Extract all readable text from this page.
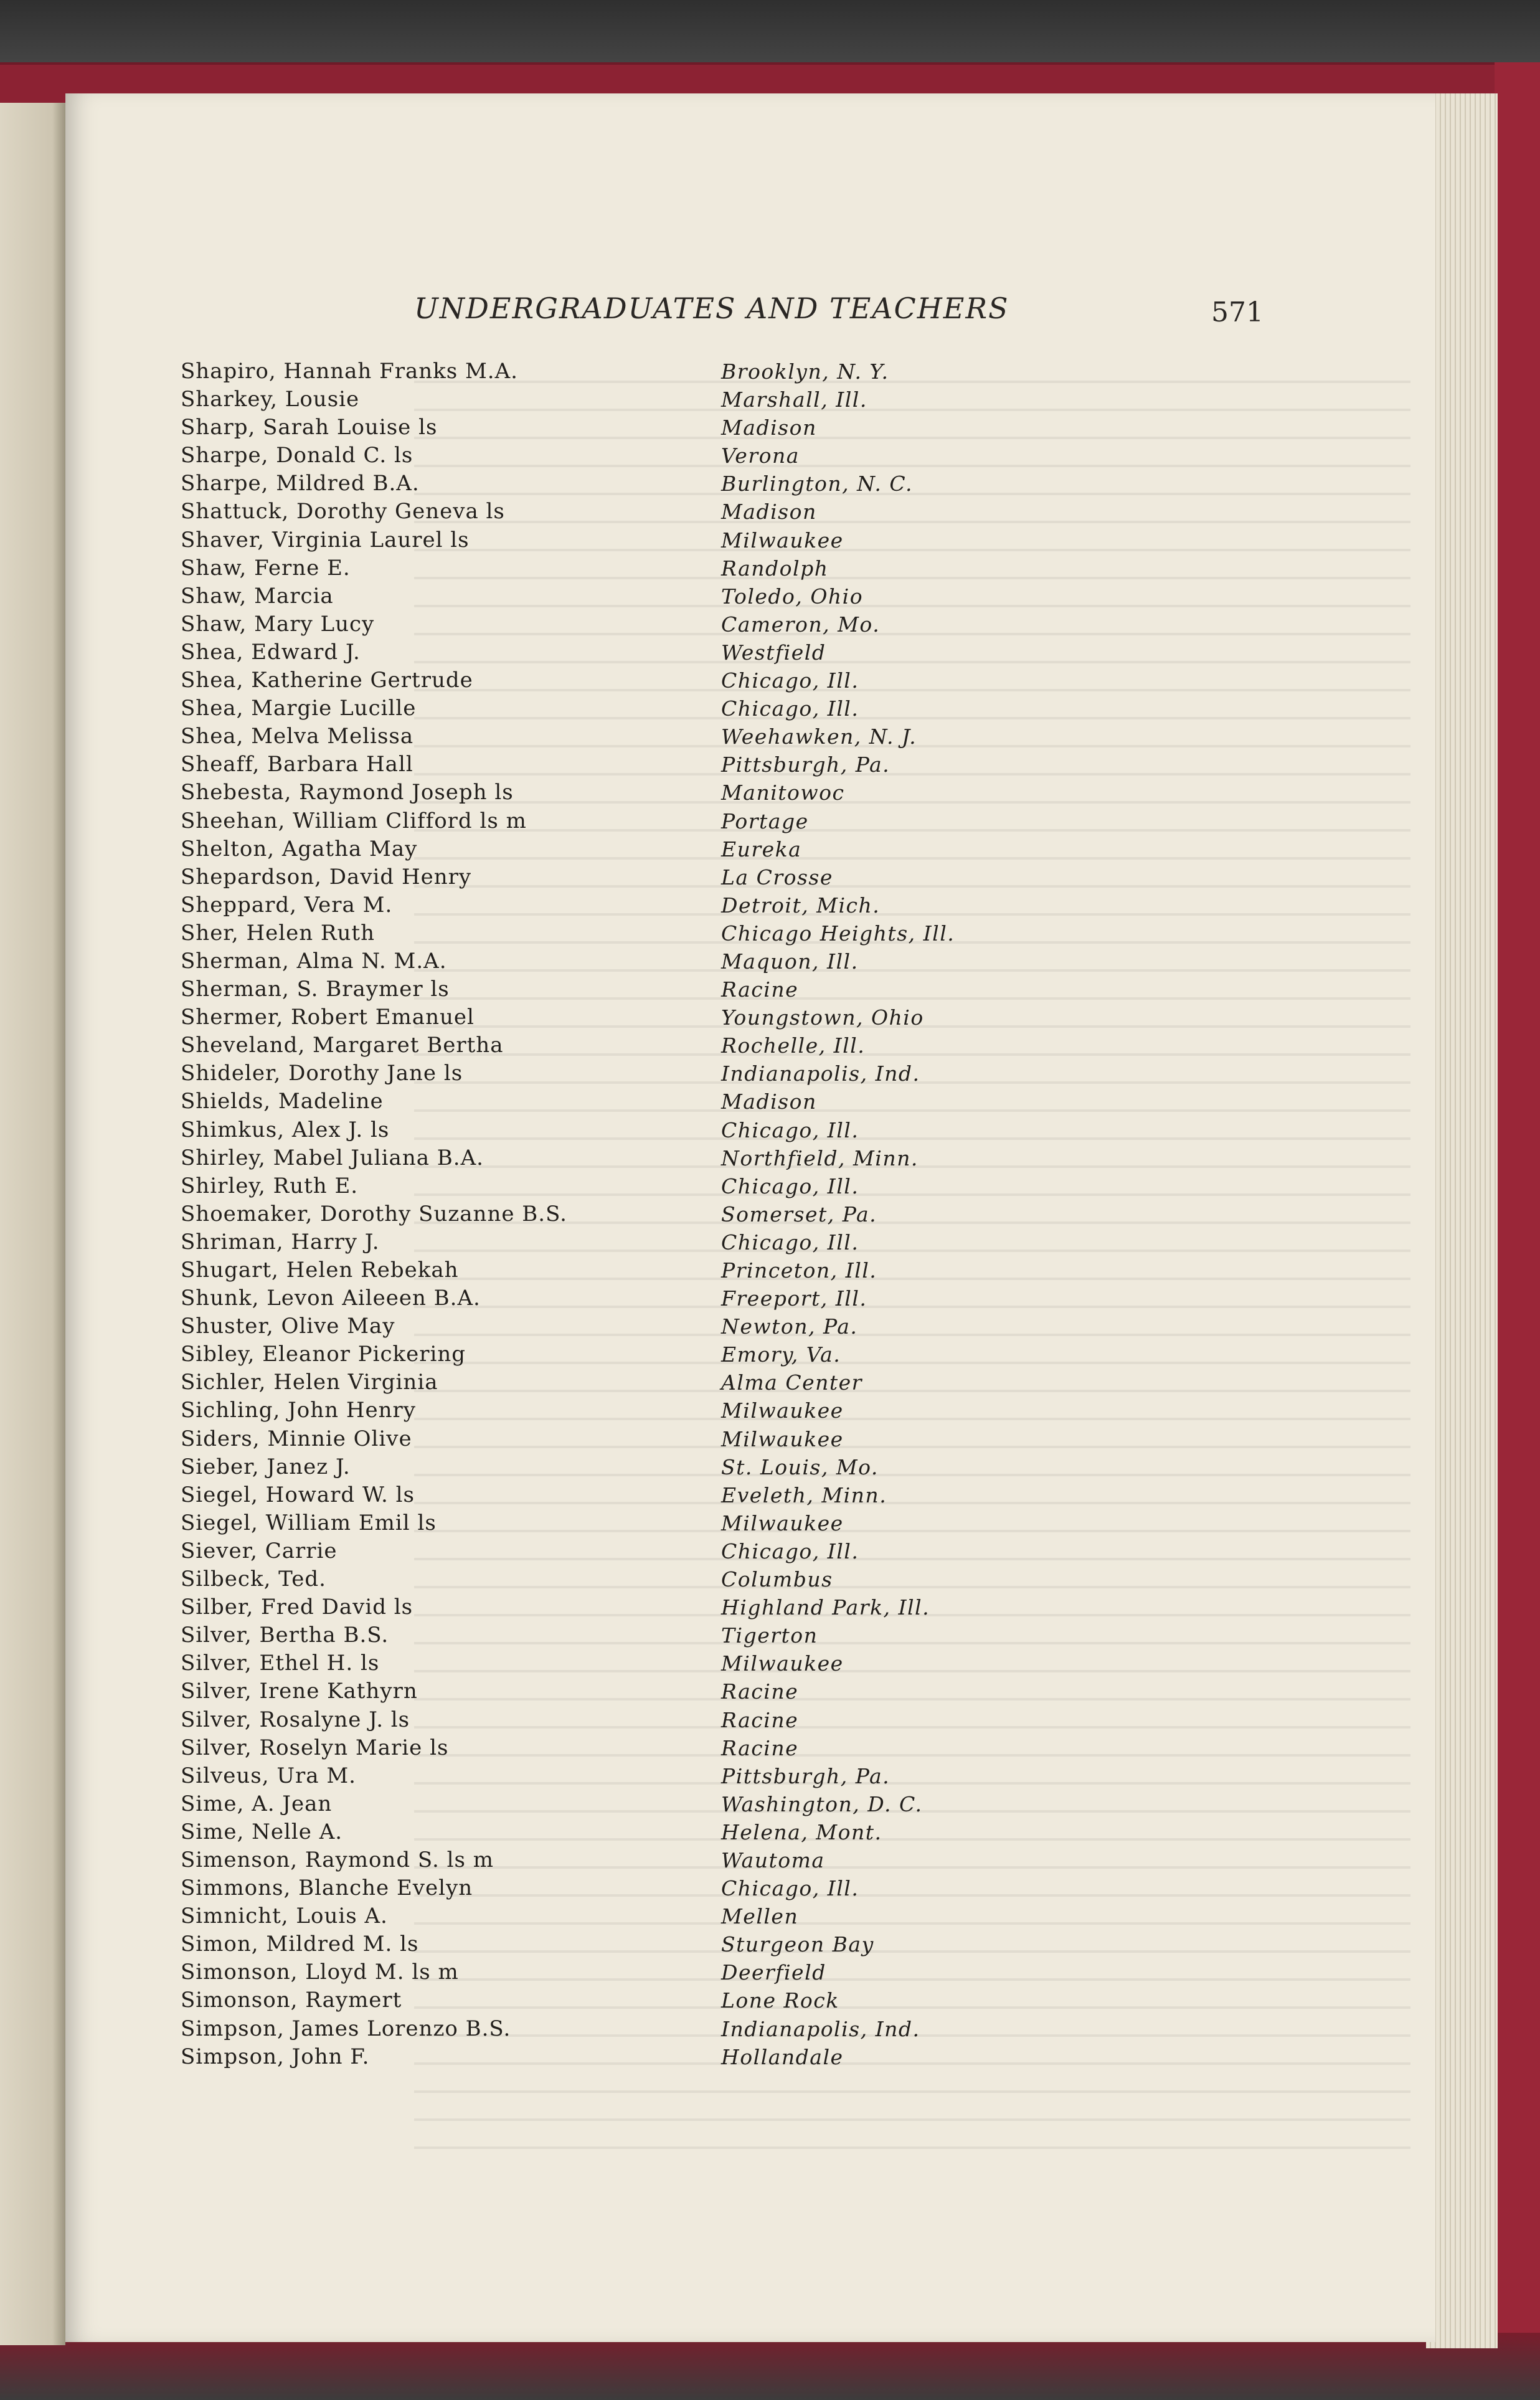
UNDERGRADUATES AND TEACHERS	571
Shapiro, Hannah Franks M.A.	Brooklyn, N. Y.
Sharkey, Lousie	Marshall, Ill.
Sharp, Sarah Louise ls	Madison
Sharpe, Donald C. ls	Verona
Sharpe, Mildred B.A.	Burlington, N. C.
Shattuck, Dorothy Geneva ls	Madison
Shaver, Virginia Laurel ls	Milwaukee
Shaw, Ferne E.	Randolph
Shaw, Marcia	Toledo, Ohio
Shaw, Mary Lucy	Cameron, Mo.
Shea, Edward J.	Westfield
Shea, Katherine Gertrude	Chicago, Ill.
Shea, Margie Lucille	Chicago, Ill.
Shea, Melva Melissa	Weehawken, N. J.
Sheaff, Barbara Hall	Pittsburgh, Pa.
Shebesta, Raymond Joseph ls	Manitowoc
Sheehan, William Clifford ls m	Portage
Shelton, Agatha May	Eureka
Shepardson, David Henry	La Crosse
Sheppard, Vera M.	Detroit, Mich.
Sher, Helen Ruth	Chicago Heights, Ill.
Sherman, Alma N. M.A.	Maquon, Ill.
Sherman, S. Braymer ls	Racine
Shermer, Robert Emanuel	Youngstown, Ohio
Sheveland, Margaret Bertha	Rochelle, Ill.
Shideler, Dorothy Jane ls	Indianapolis, Ind.
Shields, Madeline	Madison
Shimkus, Alex J. ls	Chicago, Ill.
Shirley, Mabel Juliana B.A.	Northfield, Minn.
Shirley, Ruth E.	Chicago, Ill.
Shoemaker, Dorothy Suzanne B.S.	Somerset, Pa.
Shriman, Harry J.	Chicago, Ill.
Shugart, Helen Rebekah	Princeton, Ill.
Shunk, Levon Aileeen B.A.	Freeport, Ill.
Shuster, Olive May	Newton, Pa.
Sibley, Eleanor Pickering	Emory, Va.
Sichler, Helen Virginia	Alma Center
Sichling, John Henry	Milwaukee
Siders, Minnie Olive	Milwaukee
Sieber, Janez J.	St. Louis, Mo.
Siegel, Howard W. ls	Eveleth, Minn.
Siegel, William Emil ls	Milwaukee
Siever, Carrie	Chicago, Ill.
Silbeck, Ted.	Columbus
Silber, Fred David ls	Highland Park, Ill.
Silver, Bertha B.S.	Tigerton
Silver, Ethel H. ls	Milwaukee
Silver, Irene Kathyrn	Racine
Silver, Rosalyne J. ls	Racine
Silver, Roselyn Marie ls	Racine
Silveus, Ura M.	Pittsburgh, Pa.
Sime, A. Jean	Washington, D. C.
Sime, Nelle A.	Helena, Mont.
Simenson, Raymond S. ls m	Wautoma
Simmons, Blanche Evelyn	Chicago, Ill.
Simnicht, Louis A.	Mellen
Simon, Mildred M. ls	Sturgeon Bay
Simonson, Lloyd M. ls m	Deerfield
Simonson, Raymert	Lone Rock
Simpson, James Lorenzo B.S.	Indianapolis, Ind.
Simpson, John F.	Hollandale
